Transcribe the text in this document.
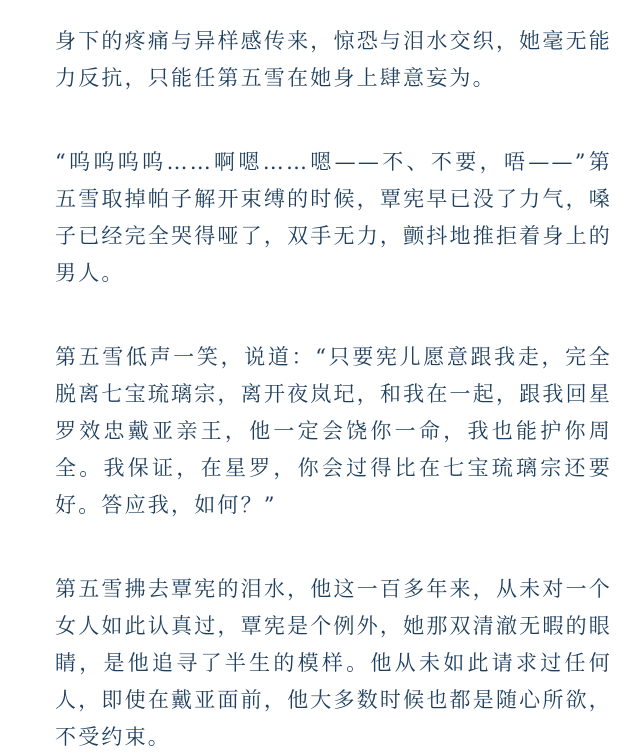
身下的疼痛与异样感传来，惊恐与泪水交织，她毫无能力反抗，只能任第五雪在她身上肆意妄为。

“呜呜呜呜……啊嗯……嗯——不、不要，唔——”第五雪取掉帕子解开束缚的时候，覃宪早已没了力气，嗓子已经完全哭得哑了，双手无力，颤抖地推拒着身上的男人。

第五雪低声一笑，说道：“只要宪儿愿意跟我走，完全脱离七宝琉璃宗，离开夜岚玘，和我在一起，跟我回星罗效忠戴亚亲王，他一定会饶你一命，我也能护你周全。我保证，在星罗，你会过得比在七宝琉璃宗还要好。答应我，如何？”

第五雪拂去覃宪的泪水，他这一百多年来，从未对一个女人如此认真过，覃宪是个例外，她那双清澈无暇的眼睛，是他追寻了半生的模样。他从未如此请求过任何人，即使在戴亚面前，他大多数时候也都是随心所欲，不受约束。
